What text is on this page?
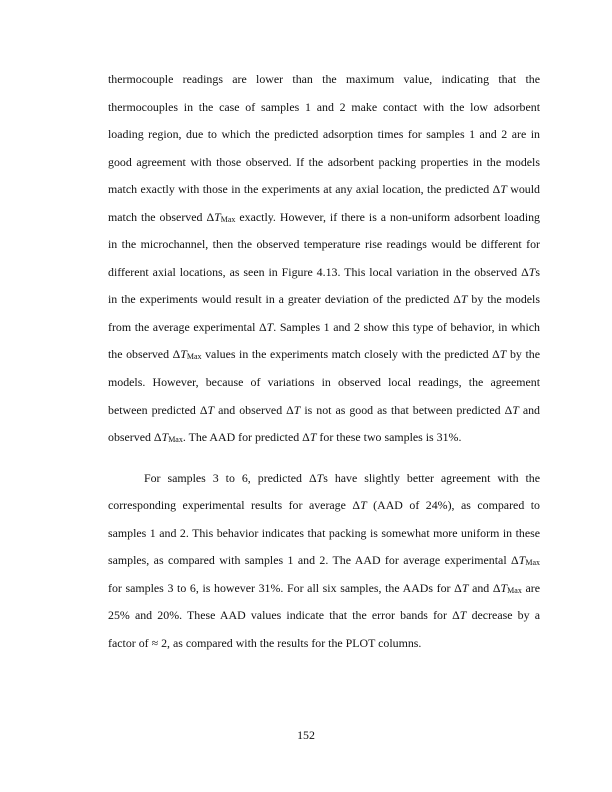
thermocouple readings are lower than the maximum value, indicating that the
thermocouples in the case of samples 1 and 2 make contact with the low adsorbent
loading region, due to which the predicted adsorption times for samples 1 and 2 are in
good agreement with those observed. If the adsorbent packing properties in the models
match exactly with those in the experiments at any axial location, the predicted ΔT would
match the observed $\Delta T_{Max}$ exactly. However, if there is a non-uniform adsorbent loading
in the microchannel, then the observed temperature rise readings would be different for
different axial locations, as seen in Figure 4.13. This local variation in the observed ΔTs
in the experiments would result in a greater deviation of the predicted ΔT by the models
from the average experimental ΔT. Samples 1 and 2 show this type of behavior, in which
the observed $\Delta T_{Max}$ values in the experiments match closely with the predicted ΔT by the
models. However, because of variations in observed local readings, the agreement
between predicted ΔT and observed ΔT is not as good as that between predicted ΔT and
observed $\Delta T_{Max}$. The AAD for predicted ΔT for these two samples is 31%.

For samples 3 to 6, predicted ΔTs have slightly better agreement with the
corresponding experimental results for average ΔT (AAD of 24%), as compared to
samples 1 and 2. This behavior indicates that packing is somewhat more uniform in these
samples, as compared with samples 1 and 2. The AAD for average experimental $\Delta T_{Max}$
for samples 3 to 6, is however 31%. For all six samples, the AADs for ΔT and $\Delta T_{Max}$ are
25% and 20%. These AAD values indicate that the error bands for ΔT decrease by a
factor of ≈ 2, as compared with the results for the PLOT columns.

152
